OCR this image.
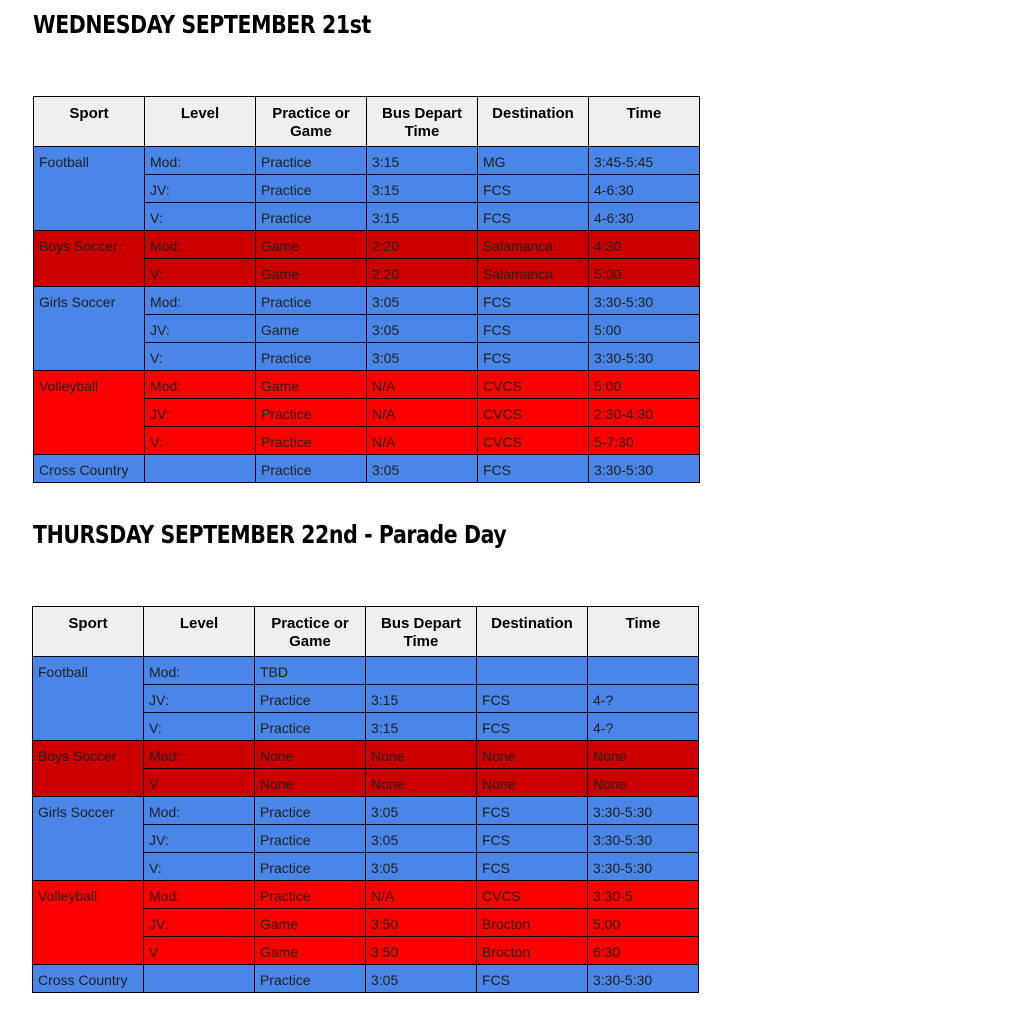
WEDNESDAY SEPTEMBER 21st
Sport	Level	Practice or Game	Bus Depart Time	Destination	Time
Football	Mod:	Practice	3:15	MG	3:45-5:45
	JV:	Practice	3:15	FCS	4-6:30
	V:	Practice	3:15	FCS	4-6:30
Boys Soccer	Mod:	Game	2:20	Salamanca	4:30
	V:	Game	2:20	Salamanca	5:00
Girls Soccer	Mod:	Practice	3:05	FCS	3:30-5:30
	JV:	Game	3:05	FCS	5:00
	V:	Practice	3:05	FCS	3:30-5:30
Volleyball	Mod:	Game	N/A	CVCS	5:00
	JV:	Practice	N/A	CVCS	2:30-4:30
	V:	Practice	N/A	CVCS	5-7:30
Cross Country		Practice	3:05	FCS	3:30-5:30
THURSDAY SEPTEMBER 22nd - Parade Day
Sport	Level	Practice or Game	Bus Depart Time	Destination	Time
Football	Mod:	TBD			
	JV:	Practice	3:15	FCS	4-?
	V:	Practice	3:15	FCS	4-?
Boys Soccer	Mod:	None	None	None	None
	V	None	None	None	None
Girls Soccer	Mod:	Practice	3:05	FCS	3:30-5:30
	JV:	Practice	3:05	FCS	3:30-5:30
	V:	Practice	3:05	FCS	3:30-5:30
Volleyball	Mod:	Practice	N/A	CVCS	3:30-5
	JV:	Game	3:50	Brocton	5:00
	V	Game	3:50	Brocton	6:30
Cross Country		Practice	3:05	FCS	3:30-5:30
